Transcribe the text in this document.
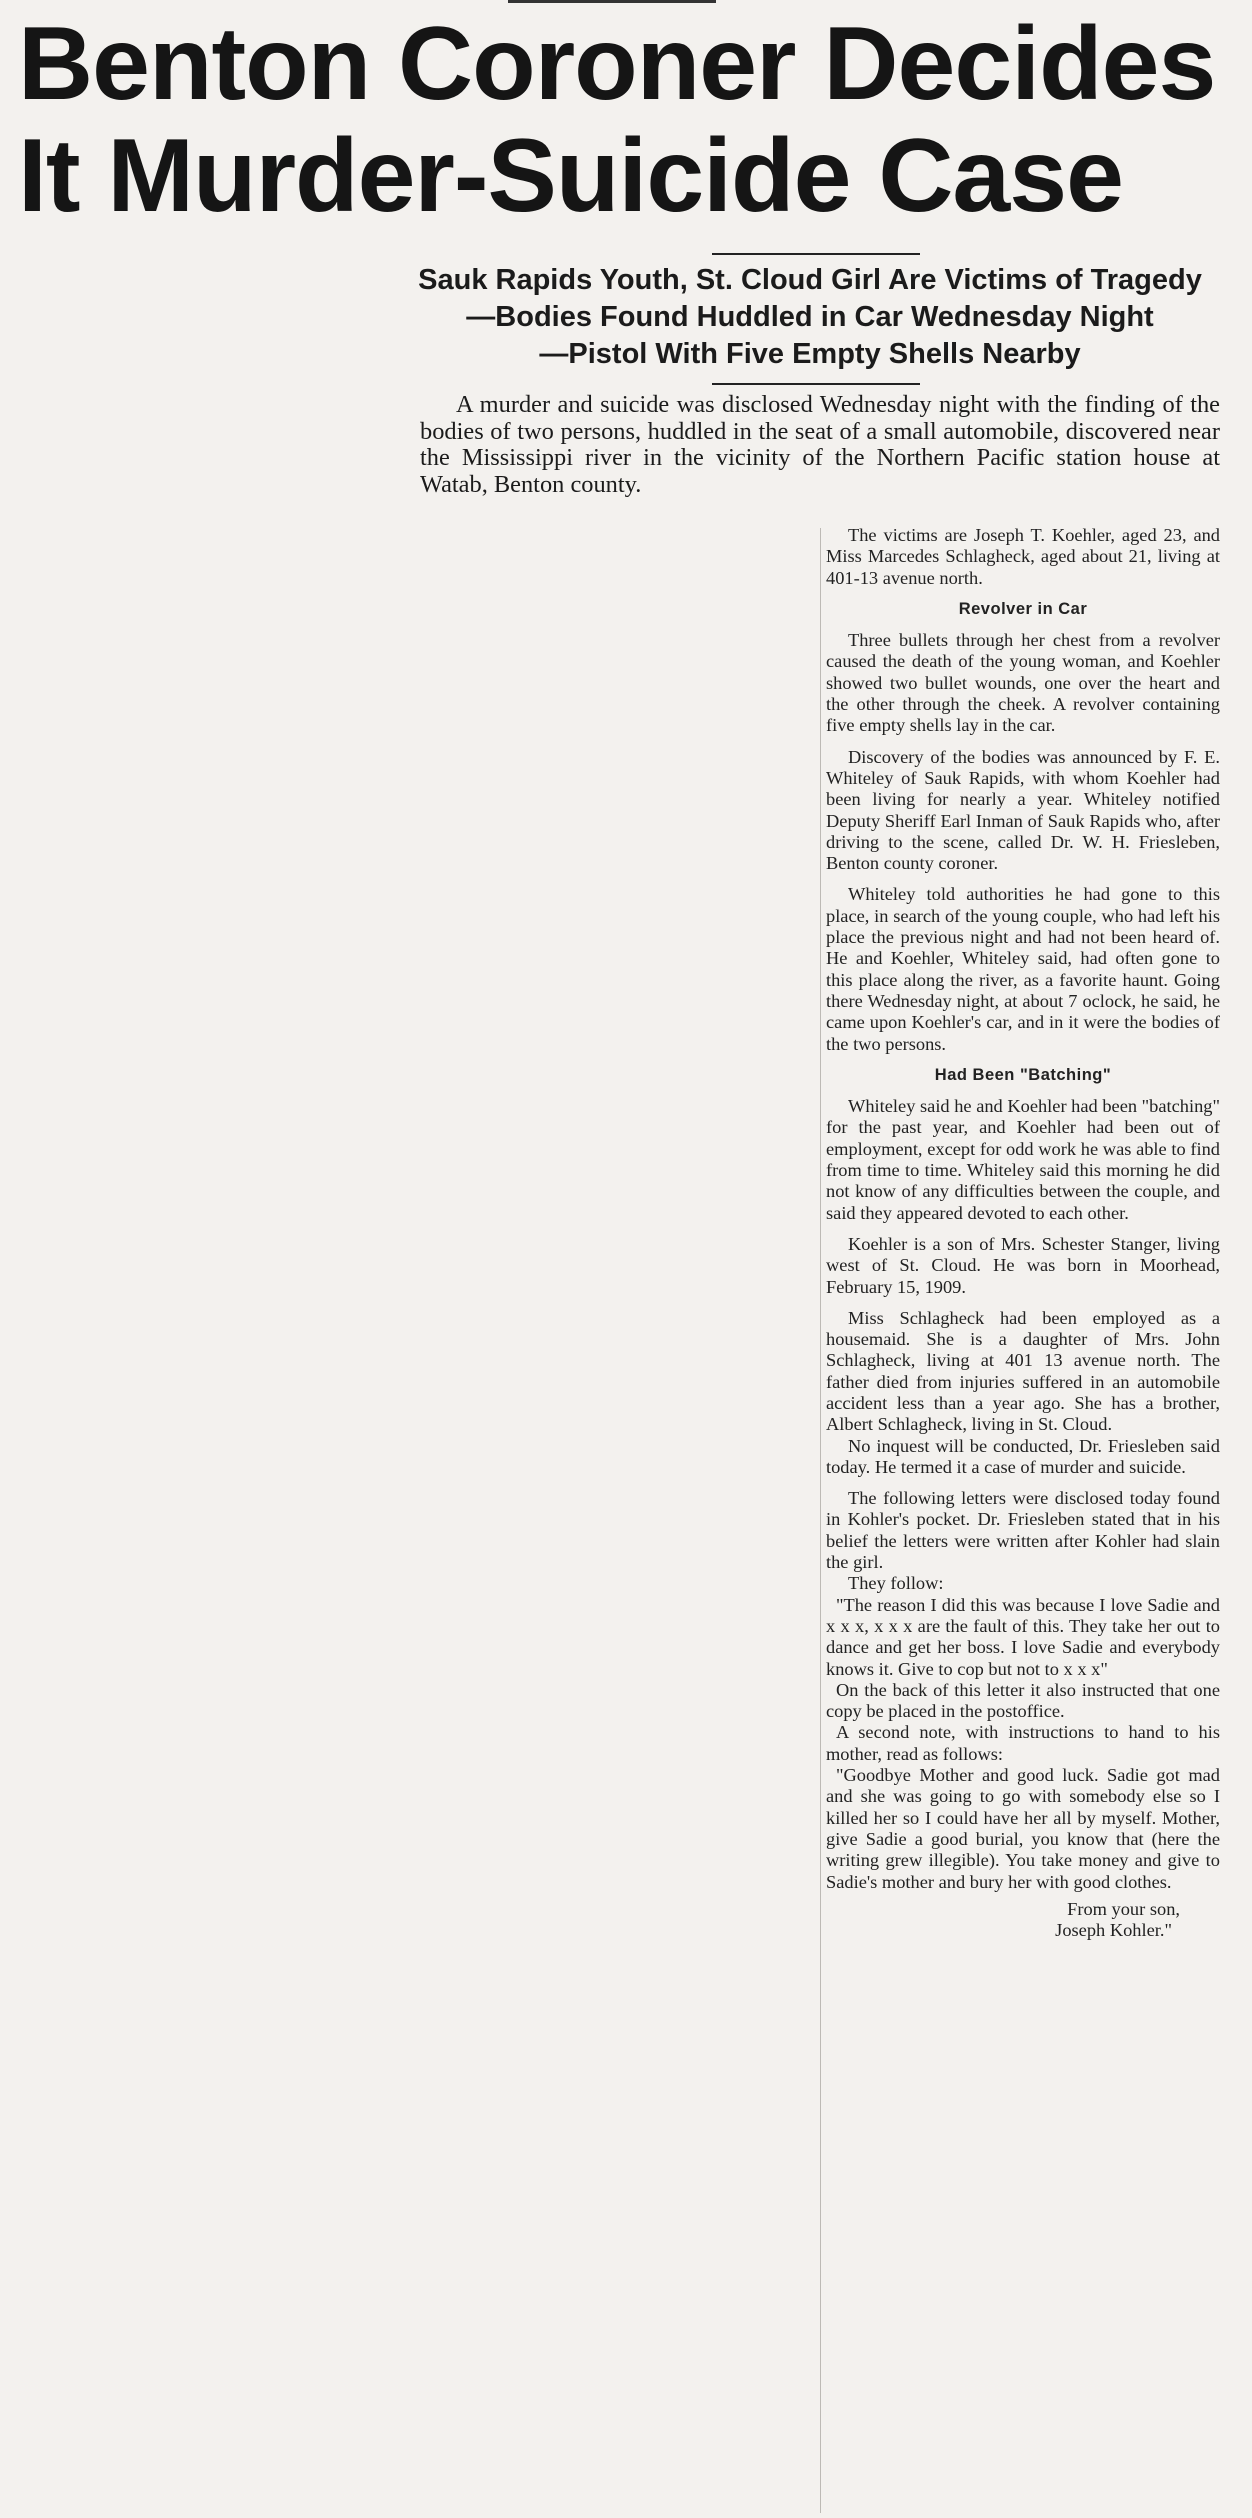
Benton Coroner Decides
It Murder-Suicide Case
Sauk Rapids Youth, St. Cloud Girl Are Victims of Tragedy
—Bodies Found Huddled in Car Wednesday Night
—Pistol With Five Empty Shells Nearby

A murder and suicide was disclosed Wednesday night with the finding of the bodies of two persons, huddled in the seat of a small automobile, discovered near the Mississippi river in the vicinity of the Northern Pacific station house at Watab, Benton county.

The victims are Joseph T. Koehler, aged 23, and Miss Marcedes Schlagheck, aged about 21, living at 401-13 avenue north.

Revolver in Car

Three bullets through her chest from a revolver caused the death of the young woman, and Koehler showed two bullet wounds, one over the heart and the other through the cheek. A revolver containing five empty shells lay in the car.

Discovery of the bodies was announced by F. E. Whiteley of Sauk Rapids, with whom Koehler had been living for nearly a year. Whiteley notified Deputy Sheriff Earl Inman of Sauk Rapids who, after driving to the scene, called Dr. W. H. Friesleben, Benton county coroner.

Whiteley told authorities he had gone to this place, in search of the young couple, who had left his place the previous night and had not been heard of. He and Koehler, Whiteley said, had often gone to this place along the river, as a favorite haunt. Going there Wednesday night, at about 7 oclock, he said, he came upon Koehler's car, and in it were the bodies of the two persons.

Had Been "Batching"

Whiteley said he and Koehler had been "batching" for the past year, and Koehler had been out of employment, except for odd work he was able to find from time to time. Whiteley said this morning he did not know of any difficulties between the couple, and said they appeared devoted to each other.

Koehler is a son of Mrs. Schester Stanger, living west of St. Cloud. He was born in Moorhead, February 15, 1909.

Miss Schlagheck had been employed as a housemaid. She is a daughter of Mrs. John Schlagheck, living at 401 13 avenue north. The father died from injuries suffered in an automobile accident less than a year ago. She has a brother, Albert Schlagheck, living in St. Cloud.

No inquest will be conducted, Dr. Friesleben said today. He termed it a case of murder and suicide.

The following letters were disclosed today found in Kohler's pocket. Dr. Friesleben stated that in his belief the letters were written after Kohler had slain the girl.

They follow:

"The reason I did this was because I love Sadie and x x x, x x x are the fault of this. They take her out to dance and get her boss. I love Sadie and everybody knows it. Give to cop but not to x x x"

On the back of this letter it also instructed that one copy be placed in the postoffice.

A second note, with instructions to hand to his mother, read as follows:

"Goodbye Mother and good luck. Sadie got mad and she was going to go with somebody else so I killed her so I could have her all by myself. Mother, give Sadie a good burial, you know that (here the writing grew illegible). You take money and give to Sadie's mother and bury her with good clothes.

From your son,
Joseph Kohler."
